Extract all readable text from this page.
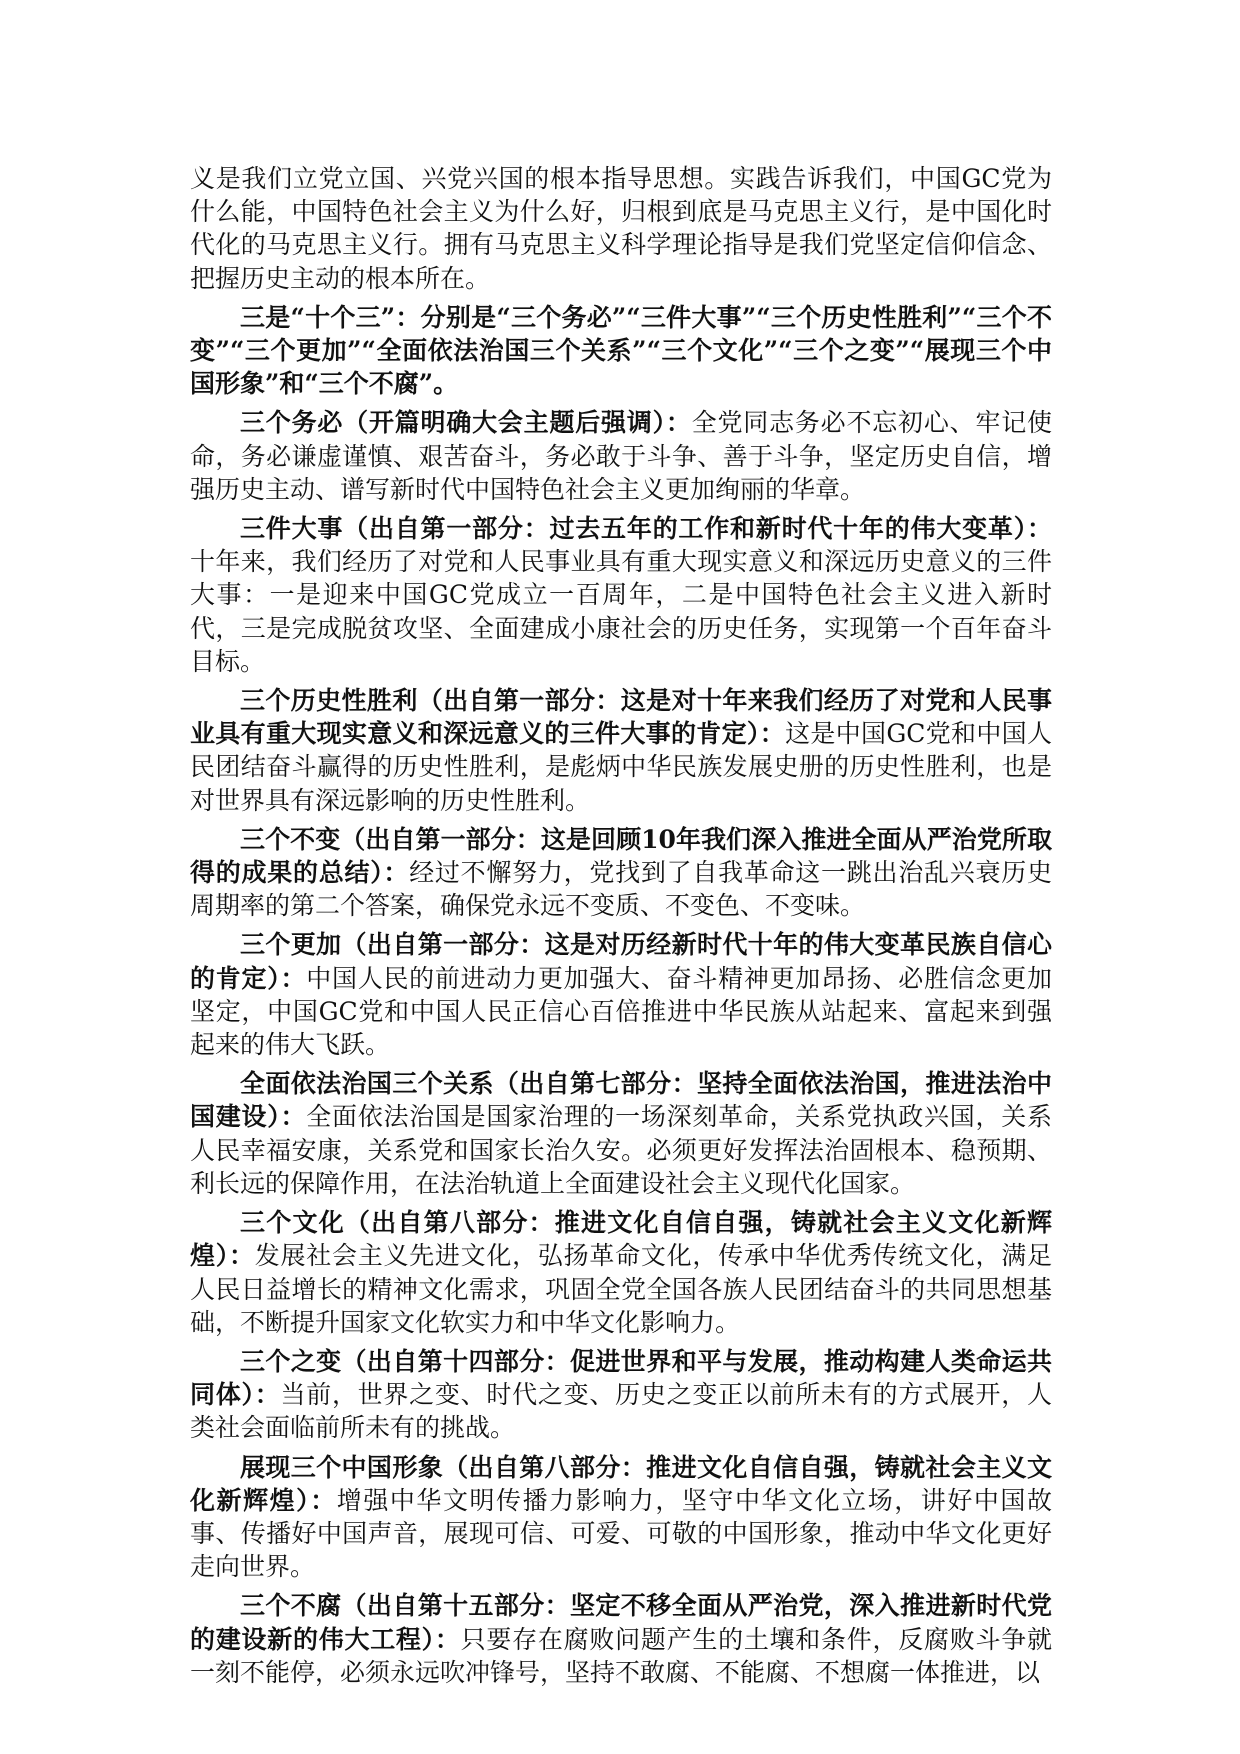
义是我们立党立国、兴党兴国的根本指导思想。实践告诉我们，中国GC党为什么能，中国特色社会主义为什么好，归根到底是马克思主义行，是中国化时代化的马克思主义行。拥有马克思主义科学理论指导是我们党坚定信仰信念、把握历史主动的根本所在。

三是“十个三”：分别是“三个务必”“三件大事”“三个历史性胜利”“三个不变”“三个更加”“全面依法治国三个关系”“三个文化”“三个之变”“展现三个中国形象”和“三个不腐”。

三个务必（开篇明确大会主题后强调）：全党同志务必不忘初心、牢记使命，务必谦虚谨慎、艰苦奋斗，务必敢于斗争、善于斗争，坚定历史自信，增强历史主动、谱写新时代中国特色社会主义更加绚丽的华章。

三件大事（出自第一部分：过去五年的工作和新时代十年的伟大变革）：十年来，我们经历了对党和人民事业具有重大现实意义和深远历史意义的三件大事：一是迎来中国GC党成立一百周年，二是中国特色社会主义进入新时代，三是完成脱贫攻坚、全面建成小康社会的历史任务，实现第一个百年奋斗目标。

三个历史性胜利（出自第一部分：这是对十年来我们经历了对党和人民事业具有重大现实意义和深远意义的三件大事的肯定）：这是中国GC党和中国人民团结奋斗赢得的历史性胜利，是彪炳中华民族发展史册的历史性胜利，也是对世界具有深远影响的历史性胜利。

三个不变（出自第一部分：这是回顾10年我们深入推进全面从严治党所取得的成果的总结）：经过不懈努力，党找到了自我革命这一跳出治乱兴衰历史周期率的第二个答案，确保党永远不变质、不变色、不变味。

三个更加（出自第一部分：这是对历经新时代十年的伟大变革民族自信心的肯定）：中国人民的前进动力更加强大、奋斗精神更加昂扬、必胜信念更加坚定，中国GC党和中国人民正信心百倍推进中华民族从站起来、富起来到强起来的伟大飞跃。

全面依法治国三个关系（出自第七部分：坚持全面依法治国，推进法治中国建设）：全面依法治国是国家治理的一场深刻革命，关系党执政兴国，关系人民幸福安康，关系党和国家长治久安。必须更好发挥法治固根本、稳预期、利长远的保障作用，在法治轨道上全面建设社会主义现代化国家。

三个文化（出自第八部分：推进文化自信自强，铸就社会主义文化新辉煌）：发展社会主义先进文化，弘扬革命文化，传承中华优秀传统文化，满足人民日益增长的精神文化需求，巩固全党全国各族人民团结奋斗的共同思想基础，不断提升国家文化软实力和中华文化影响力。

三个之变（出自第十四部分：促进世界和平与发展，推动构建人类命运共同体）：当前，世界之变、时代之变、历史之变正以前所未有的方式展开，人类社会面临前所未有的挑战。

展现三个中国形象（出自第八部分：推进文化自信自强，铸就社会主义文化新辉煌）：增强中华文明传播力影响力，坚守中华文化立场，讲好中国故事、传播好中国声音，展现可信、可爱、可敬的中国形象，推动中华文化更好走向世界。

三个不腐（出自第十五部分：坚定不移全面从严治党，深入推进新时代党的建设新的伟大工程）：只要存在腐败问题产生的土壤和条件，反腐败斗争就一刻不能停，必须永远吹冲锋号，坚持不敢腐、不能腐、不想腐一体推进，以
